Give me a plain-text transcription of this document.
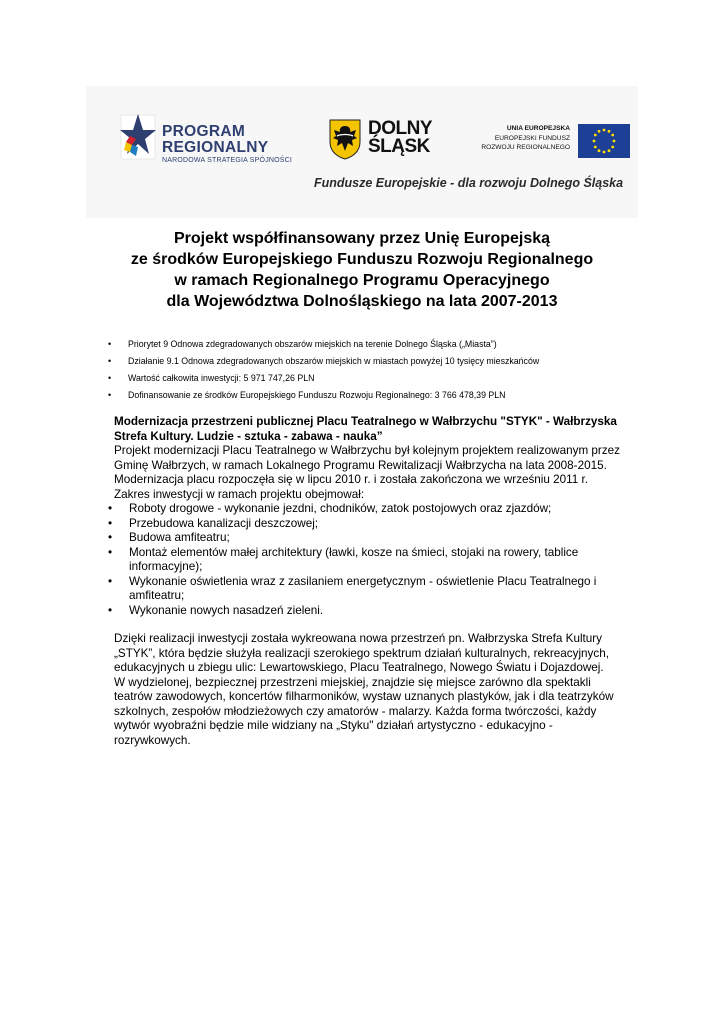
PROGRAM
REGIONALNY
NARODOWA STRATEGIA SPÓJNOŚCI
DOLNY
ŚLĄSK
UNIA EUROPEJSKA
EUROPEJSKI FUNDUSZ
ROZWOJU REGIONALNEGO
Fundusze Europejskie - dla rozwoju Dolnego Śląska
Projekt współfinansowany przez Unię Europejską
ze środków Europejskiego Funduszu Rozwoju Regionalnego
w ramach Regionalnego Programu Operacyjnego
dla Województwa Dolnośląskiego na lata 2007-2013
• Priorytet 9 Odnowa zdegradowanych obszarów miejskich na terenie Dolnego Śląska („Miasta”)
• Działanie 9.1 Odnowa zdegradowanych obszarów miejskich w miastach powyżej 10 tysięcy mieszkańców
• Wartość całkowita inwestycji: 5 971 747,26 PLN
• Dofinansowanie ze środków Europejskiego Funduszu Rozwoju Regionalnego: 3 766 478,39 PLN

Modernizacja przestrzeni publicznej Placu Teatralnego w Wałbrzychu "STYK" - Wałbrzyska Strefa Kultury. Ludzie - sztuka - zabawa - nauka”

Projekt modernizacji Placu Teatralnego w Wałbrzychu był kolejnym projektem realizowanym przez Gminę Wałbrzych, w ramach Lokalnego Programu Rewitalizacji Wałbrzycha na lata 2008-2015. Modernizacja placu rozpoczęła się w lipcu 2010 r. i została zakończona we wrześniu 2011 r. Zakres inwestycji w ramach projektu obejmował:

• Roboty drogowe - wykonanie jezdni, chodników, zatok postojowych oraz zjazdów;
• Przebudowa kanalizacji deszczowej;
• Budowa amfiteatru;
• Montaż elementów małej architektury (ławki, kosze na śmieci, stojaki na rowery, tablice informacyjne);
• Wykonanie oświetlenia wraz z zasilaniem energetycznym - oświetlenie Placu Teatralnego i amfiteatru;
• Wykonanie nowych nasadzeń zieleni.

Dzięki realizacji inwestycji została wykreowana nowa przestrzeń pn. Wałbrzyska Strefa Kultury „STYK”, która będzie służyła realizacji szerokiego spektrum działań kulturalnych, rekreacyjnych, edukacyjnych u zbiegu ulic: Lewartowskiego, Placu Teatralnego, Nowego Światu i Dojazdowej.

W wydzielonej, bezpiecznej przestrzeni miejskiej, znajdzie się miejsce zarówno dla spektakli teatrów zawodowych, koncertów filharmoników, wystaw uznanych plastyków, jak i dla teatrzyków szkolnych, zespołów młodzieżowych czy amatorów - malarzy. Każda forma twórczości, każdy wytwór wyobraźni będzie mile widziany na „Styku" działań artystyczno - edukacyjno - rozrywkowych.
